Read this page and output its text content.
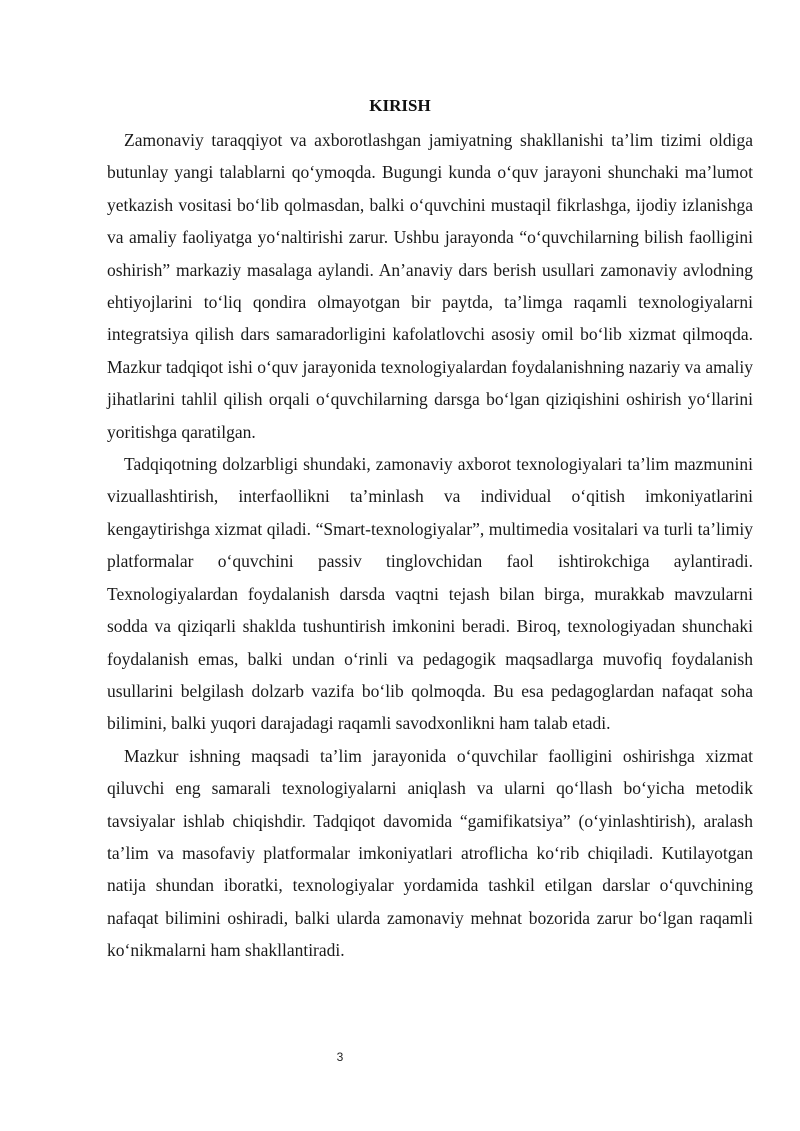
KIRISH

Zamonaviy taraqqiyot va axborotlashgan jamiyatning shakllanishi ta’lim tizimi oldiga butunlay yangi talablarni qo‘ymoqda. Bugungi kunda o‘quv jarayoni shunchaki ma’lumot yetkazish vositasi bo‘lib qolmasdan, balki o‘quvchini mustaqil fikrlashga, ijodiy izlanishga va amaliy faoliyatga yo‘naltirishi zarur. Ushbu jarayonda “o‘quvchilarning bilish faolligini oshirish” markaziy masalaga aylandi. An’anaviy dars berish usullari zamonaviy avlodning ehtiyojlarini to‘liq qondira olmayotgan bir paytda, ta’limga raqamli texnologiyalarni integratsiya qilish dars samaradorligini kafolatlovchi asosiy omil bo‘lib xizmat qilmoqda. Mazkur tadqiqot ishi o‘quv jarayonida texnologiyalardan foydalanishning nazariy va amaliy jihatlarini tahlil qilish orqali o‘quvchilarning darsga bo‘lgan qiziqishini oshirish yo‘llarini yoritishga qaratilgan.

Tadqiqotning dolzarbligi shundaki, zamonaviy axborot texnologiyalari ta’lim mazmunini vizuallashtirish, interfaollikni ta’minlash va individual o‘qitish imkoniyatlarini kengaytirishga xizmat qiladi. “Smart-texnologiyalar”, multimedia vositalari va turli ta’limiy platformalar o‘quvchini passiv tinglovchidan faol ishtirokchiga aylantiradi. Texnologiyalardan foydalanish darsda vaqtni tejash bilan birga, murakkab mavzularni sodda va qiziqarli shaklda tushuntirish imkonini beradi. Biroq, texnologiyadan shunchaki foydalanish emas, balki undan o‘rinli va pedagogik maqsadlarga muvofiq foydalanish usullarini belgilash dolzarb vazifa bo‘lib qolmoqda. Bu esa pedagoglardan nafaqat soha bilimini, balki yuqori darajadagi raqamli savodxonlikni ham talab etadi.

Mazkur ishning maqsadi ta’lim jarayonida o‘quvchilar faolligini oshirishga xizmat qiluvchi eng samarali texnologiyalarni aniqlash va ularni qo‘llash bo‘yicha metodik tavsiyalar ishlab chiqishdir. Tadqiqot davomida “gamifikatsiya” (o‘yinlashtirish), aralash ta’lim va masofaviy platformalar imkoniyatlari atroflicha ko‘rib chiqiladi. Kutilayotgan natija shundan iboratki, texnologiyalar yordamida tashkil etilgan darslar o‘quvchining nafaqat bilimini oshiradi, balki ularda zamonaviy mehnat bozorida zarur bo‘lgan raqamli ko‘nikmalarni ham shakllantiradi.

3
